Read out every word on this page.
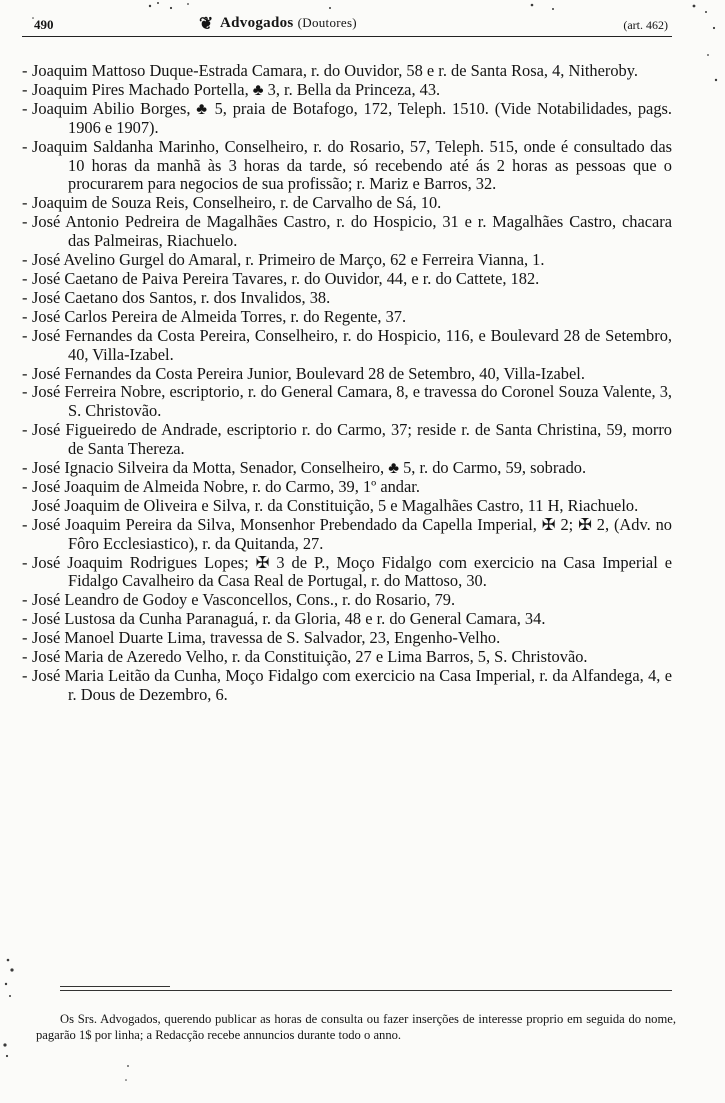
490	❦ Advogados (Doutores)	(art. 462)

- Joaquim Mattoso Duque-Estrada Camara, r. do Ouvidor, 58 e r. de Santa Rosa, 4, Nitheroby.

- Joaquim Pires Machado Portella, ♣ 3, r. Bella da Princeza, 43.

- Joaquim Abilio Borges, ♣ 5, praia de Botafogo, 172, Teleph. 1510. (Vide Notabilidades, pags. 1906 e 1907).

- Joaquim Saldanha Marinho, Conselheiro, r. do Rosario, 57, Teleph. 515, onde é consultado das 10 horas da manhã às 3 horas da tarde, só recebendo até ás 2 horas as pessoas que o procurarem para negocios de sua profissão; r. Mariz e Barros, 32.

- Joaquim de Souza Reis, Conselheiro, r. de Carvalho de Sá, 10.

- José Antonio Pedreira de Magalhães Castro, r. do Hospicio, 31 e r. Magalhães Castro, chacara das Palmeiras, Riachuelo.

- José Avelino Gurgel do Amaral, r. Primeiro de Março, 62 e Ferreira Vianna, 1.

- José Caetano de Paiva Pereira Tavares, r. do Ouvidor, 44, e r. do Cattete, 182.

- José Caetano dos Santos, r. dos Invalidos, 38.

- José Carlos Pereira de Almeida Torres, r. do Regente, 37.

- José Fernandes da Costa Pereira, Conselheiro, r. do Hospicio, 116, e Boulevard 28 de Setembro, 40, Villa-Izabel.

- José Fernandes da Costa Pereira Junior, Boulevard 28 de Setembro, 40, Villa-Izabel.

- José Ferreira Nobre, escriptorio, r. do General Camara, 8, e travessa do Coronel Souza Valente, 3, S. Christovão.

- José Figueiredo de Andrade, escriptorio r. do Carmo, 37; reside r. de Santa Christina, 59, morro de Santa Thereza.

- José Ignacio Silveira da Motta, Senador, Conselheiro, ♣ 5, r. do Carmo, 59, sobrado.

- José Joaquim de Almeida Nobre, r. do Carmo, 39, 1º andar.

José Joaquim de Oliveira e Silva, r. da Constituição, 5 e Magalhães Castro, 11 H, Riachuelo.

- José Joaquim Pereira da Silva, Monsenhor Prebendado da Capella Imperial, ✠ 2; ✠ 2, (Adv. no Fôro Ecclesiastico), r. da Quitanda, 27.

- José Joaquim Rodrigues Lopes; ✠ 3 de P., Moço Fidalgo com exercicio na Casa Imperial e Fidalgo Cavalheiro da Casa Real de Portugal, r. do Mattoso, 30.

- José Leandro de Godoy e Vasconcellos, Cons., r. do Rosario, 79.

- José Lustosa da Cunha Paranaguá, r. da Gloria, 48 e r. do General Camara, 34.

- José Manoel Duarte Lima, travessa de S. Salvador, 23, Engenho-Velho.

- José Maria de Azeredo Velho, r. da Constituição, 27 e Lima Barros, 5, S. Christovão.

- José Maria Leitão da Cunha, Moço Fidalgo com exercicio na Casa Imperial, r. da Alfandega, 4, e r. Dous de Dezembro, 6.

Os Srs. Advogados, querendo publicar as horas de consulta ou fazer inserções de interesse proprio em seguida do nome, pagarão 1$ por linha; a Redacção recebe annuncios durante todo o anno.
